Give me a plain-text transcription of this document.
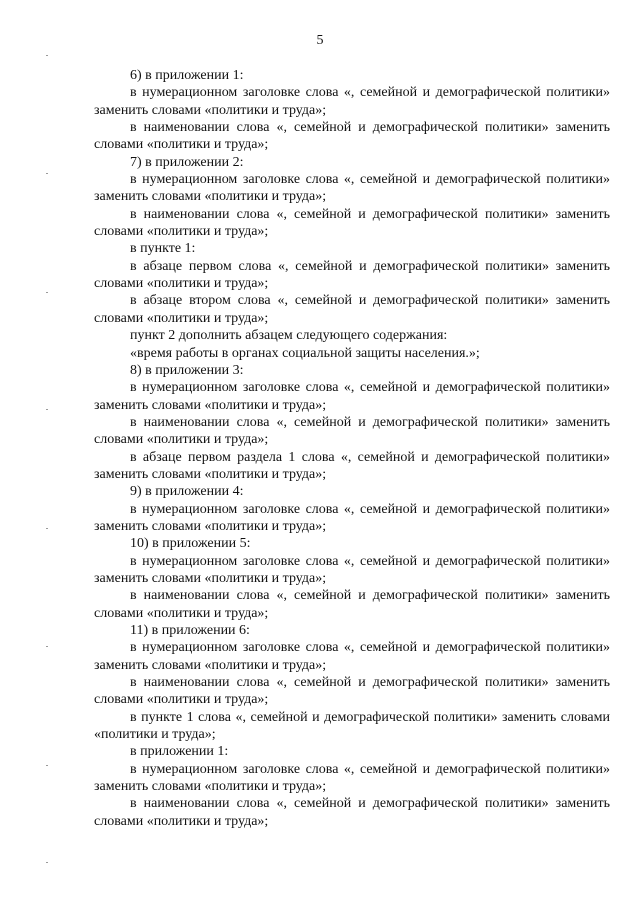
5

6) в приложении 1:

в нумерационном заголовке слова «, семейной и демографической политики» заменить словами «политики и труда»;

в наименовании слова «, семейной и демографической политики» заменить словами «политики и труда»;

7) в приложении 2:

в нумерационном заголовке слова «, семейной и демографической политики» заменить словами «политики и труда»;

в наименовании слова «, семейной и демографической политики» заменить словами «политики и труда»;

в пункте 1:

в абзаце первом слова «, семейной и демографической политики» заменить словами «политики и труда»;

в абзаце втором слова «, семейной и демографической политики» заменить словами «политики и труда»;

пункт 2 дополнить абзацем следующего содержания:

«время работы в органах социальной защиты населения.»;

8) в приложении 3:

в нумерационном заголовке слова «, семейной и демографической политики» заменить словами «политики и труда»;

в наименовании слова «, семейной и демографической политики» заменить словами «политики и труда»;

в абзаце первом раздела 1 слова «, семейной и демографической политики» заменить словами «политики и труда»;

9) в приложении 4:

в нумерационном заголовке слова «, семейной и демографической политики» заменить словами «политики и труда»;

10) в приложении 5:

в нумерационном заголовке слова «, семейной и демографической политики» заменить словами «политики и труда»;

в наименовании слова «, семейной и демографической политики» заменить словами «политики и труда»;

11) в приложении 6:

в нумерационном заголовке слова «, семейной и демографической политики» заменить словами «политики и труда»;

в наименовании слова «, семейной и демографической политики» заменить словами «политики и труда»;

в пункте 1 слова «, семейной и демографической политики» заменить словами «политики и труда»;

в приложении 1:

в нумерационном заголовке слова «, семейной и демографической политики» заменить словами «политики и труда»;

в наименовании слова «, семейной и демографической политики» заменить словами «политики и труда»;
